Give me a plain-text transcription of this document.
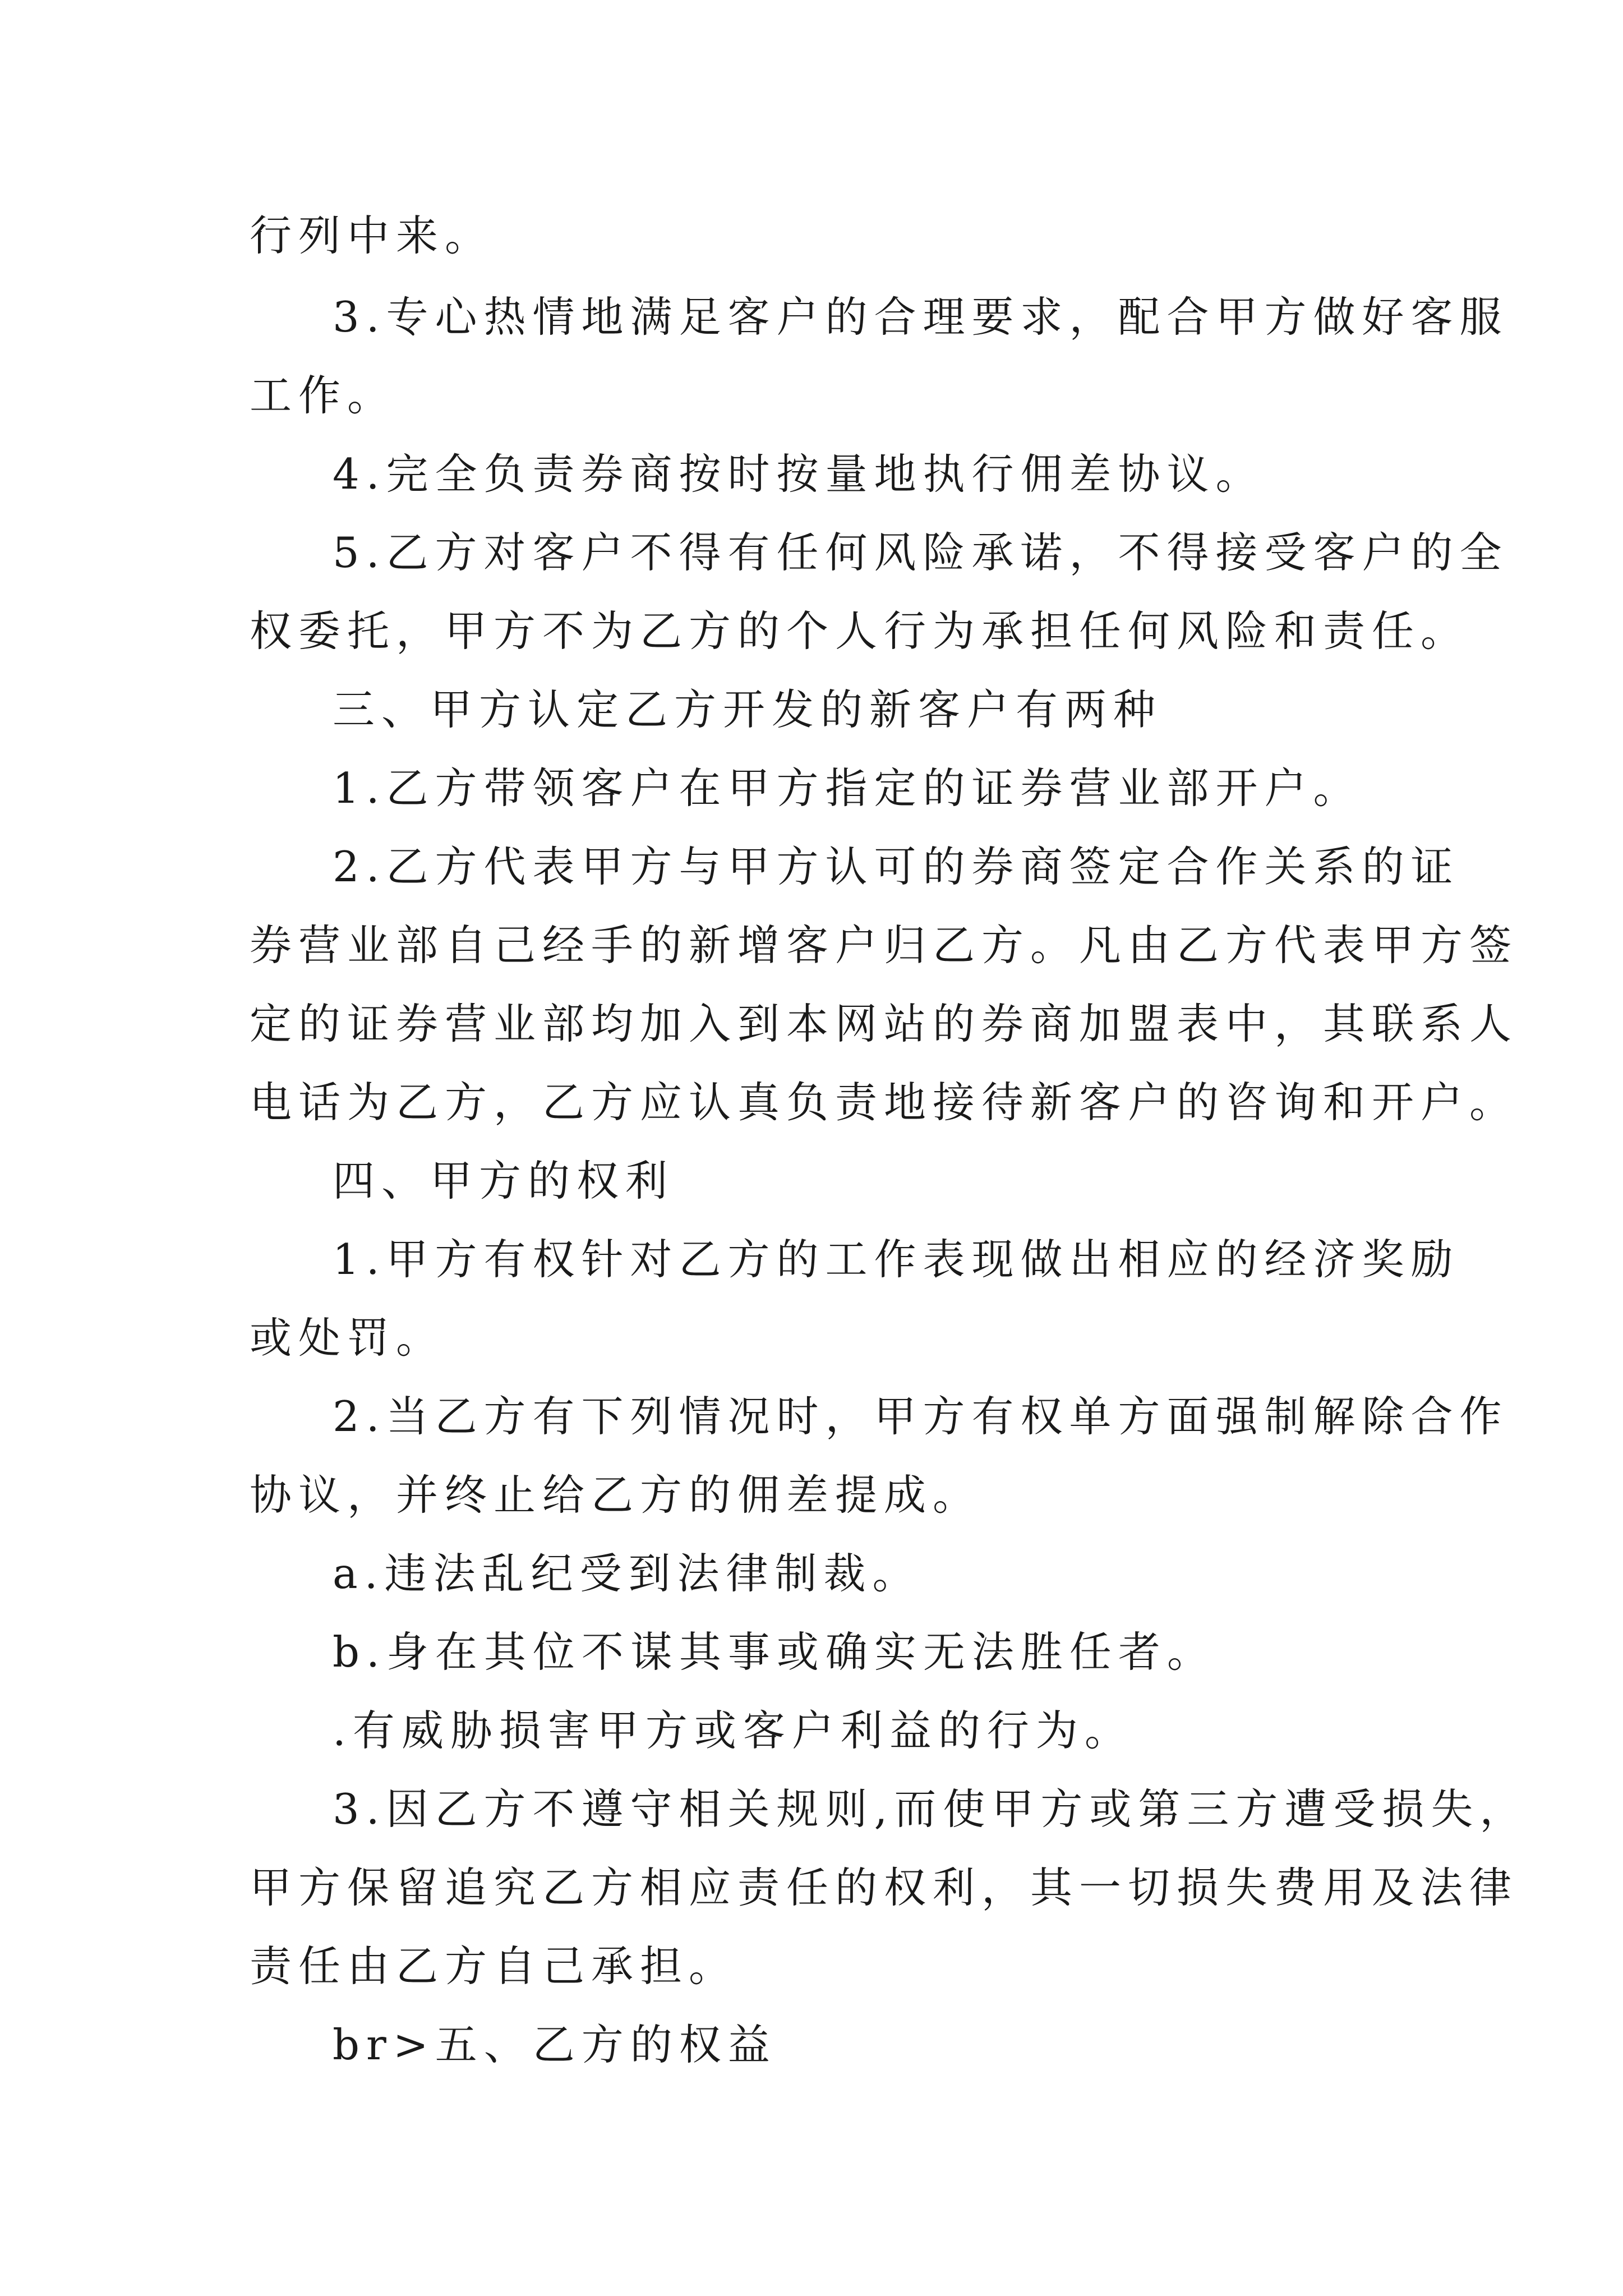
行列中来。

3.专心热情地满足客户的合理要求，配合甲方做好客服

工作。

4.完全负责券商按时按量地执行佣差协议。

5.乙方对客户不得有任何风险承诺，不得接受客户的全

权委托，甲方不为乙方的个人行为承担任何风险和责任。

三、甲方认定乙方开发的新客户有两种

1.乙方带领客户在甲方指定的证券营业部开户。

2.乙方代表甲方与甲方认可的券商签定合作关系的证

券营业部自己经手的新增客户归乙方。凡由乙方代表甲方签

定的证券营业部均加入到本网站的券商加盟表中，其联系人

电话为乙方，乙方应认真负责地接待新客户的咨询和开户。

四、甲方的权利

1.甲方有权针对乙方的工作表现做出相应的经济奖励

或处罚。

2.当乙方有下列情况时，甲方有权单方面强制解除合作

协议，并终止给乙方的佣差提成。

a.违法乱纪受到法律制裁。

b.身在其位不谋其事或确实无法胜任者。

.有威胁损害甲方或客户利益的行为。

3.因乙方不遵守相关规则,而使甲方或第三方遭受损失，

甲方保留追究乙方相应责任的权利，其一切损失费用及法律

责任由乙方自己承担。

br>五、乙方的权益
